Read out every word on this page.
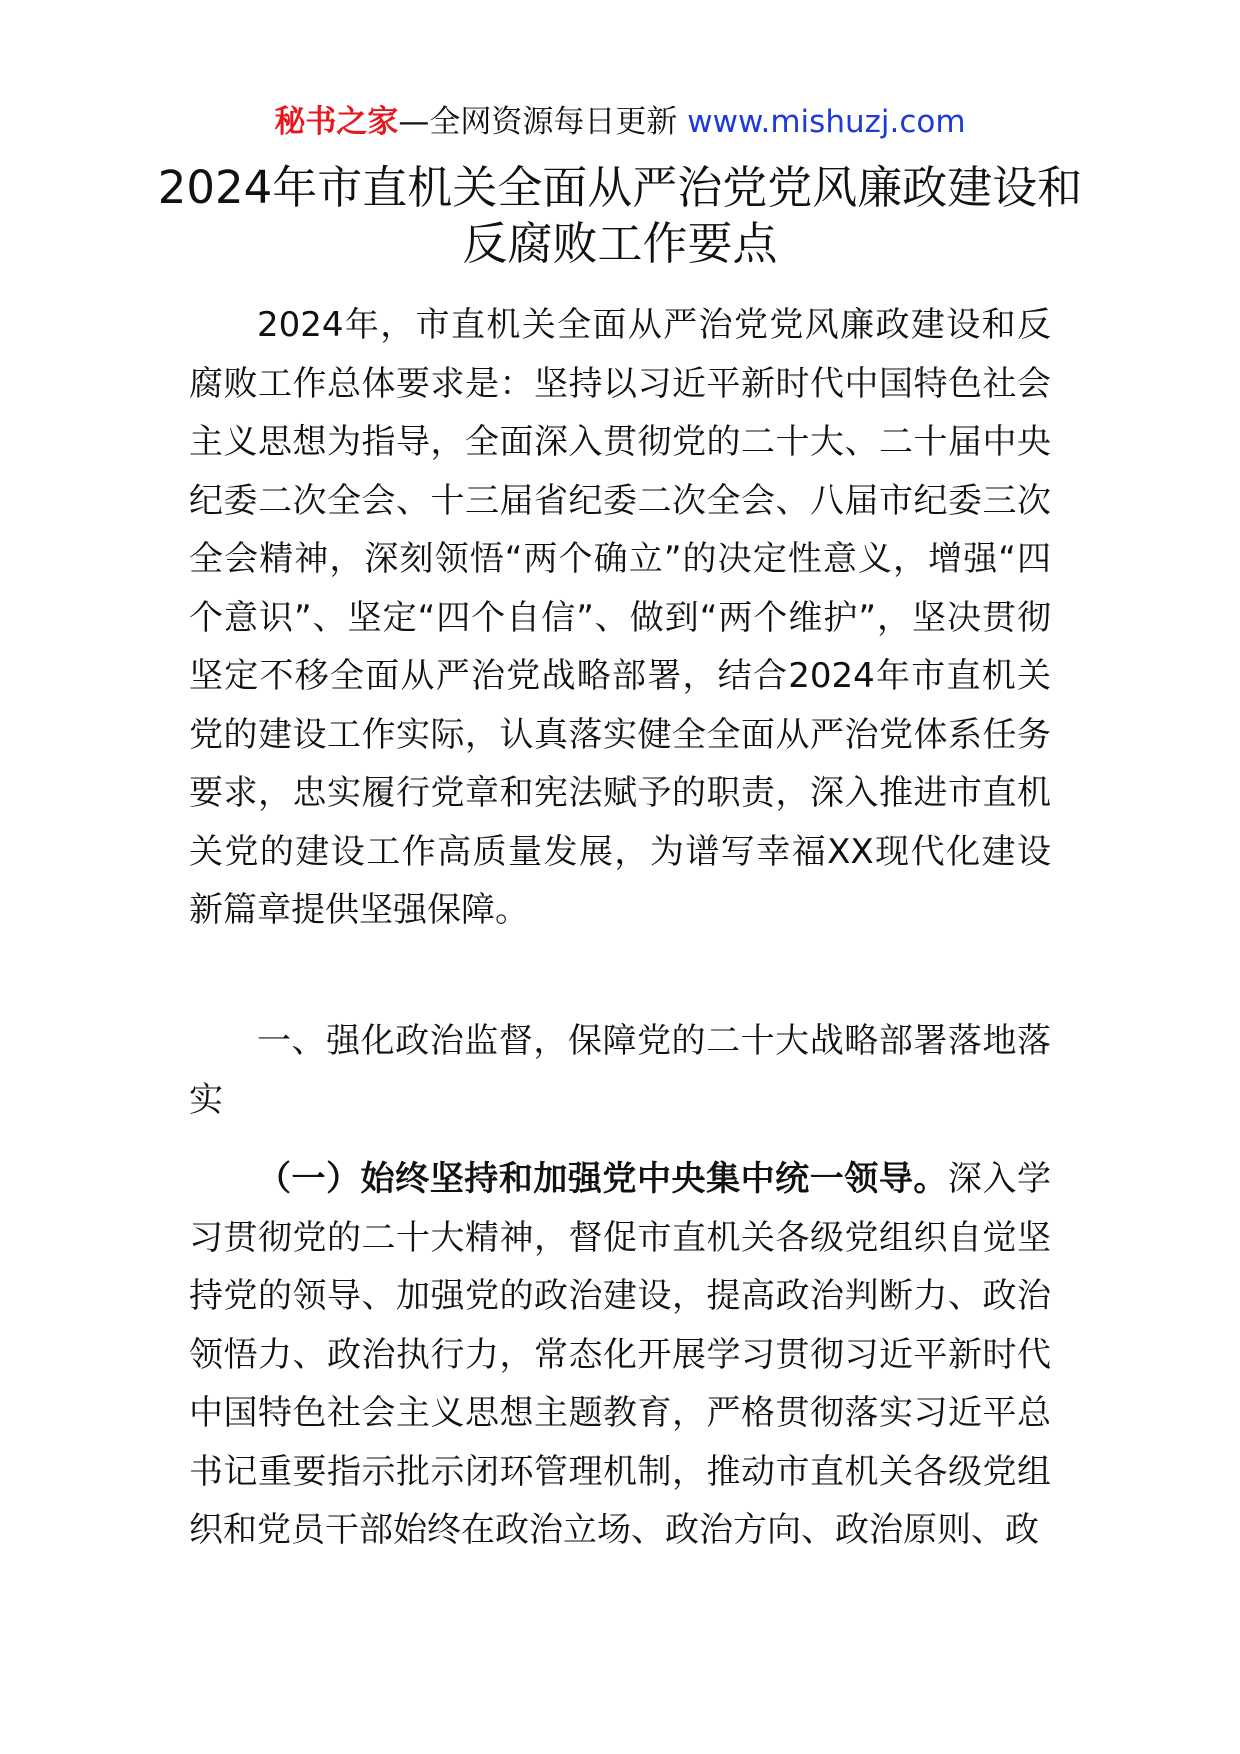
秘书之家—全网资源每日更新 www.mishuzj.com
2024年市直机关全面从严治党党风廉政建设和反腐败工作要点

2024年，市直机关全面从严治党党风廉政建设和反腐败工作总体要求是：坚持以习近平新时代中国特色社会主义思想为指导，全面深入贯彻党的二十大、二十届中央纪委二次全会、十三届省纪委二次全会、八届市纪委三次全会精神，深刻领悟“两个确立”的决定性意义，增强“四个意识”、坚定“四个自信”、做到“两个维护”，坚决贯彻坚定不移全面从严治党战略部署，结合2024年市直机关党的建设工作实际，认真落实健全全面从严治党体系任务要求，忠实履行党章和宪法赋予的职责，深入推进市直机关党的建设工作高质量发展，为谱写幸福XX现代化建设新篇章提供坚强保障。

一、强化政治监督，保障党的二十大战略部署落地落实

（一）始终坚持和加强党中央集中统一领导。深入学习贯彻党的二十大精神，督促市直机关各级党组织自觉坚持党的领导、加强党的政治建设，提高政治判断力、政治领悟力、政治执行力，常态化开展学习贯彻习近平新时代中国特色社会主义思想主题教育，严格贯彻落实习近平总书记重要指示批示闭环管理机制，推动市直机关各级党组织和党员干部始终在政治立场、政治方向、政治原则、政
